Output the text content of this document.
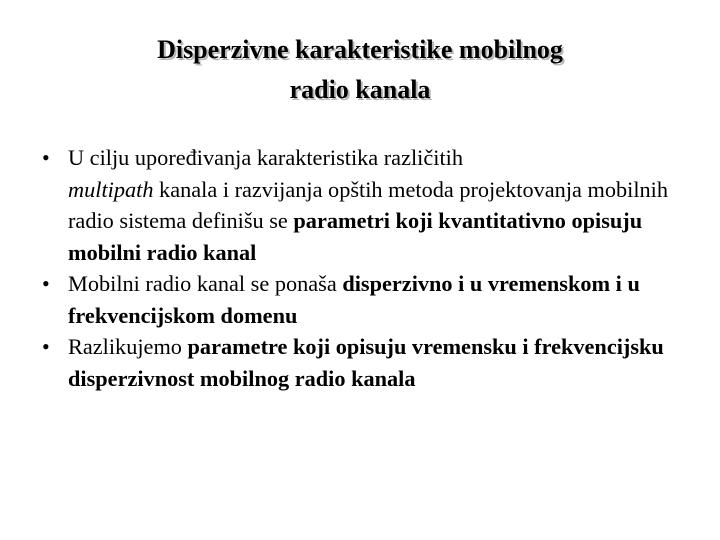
Disperzivne karakteristike mobilnog
radio kanala
• U cilju upoređivanja karakteristika različitih
multipath kanala i razvijanja opštih metoda projektovanja mobilnih radio sistema definišu se parametri koji kvantitativno opisuju mobilni radio kanal
• Mobilni radio kanal se ponaša disperzivno i u vremenskom i u frekvencijskom domenu
• Razlikujemo parametre koji opisuju vremensku i frekvencijsku disperzivnost mobilnog radio kanala
